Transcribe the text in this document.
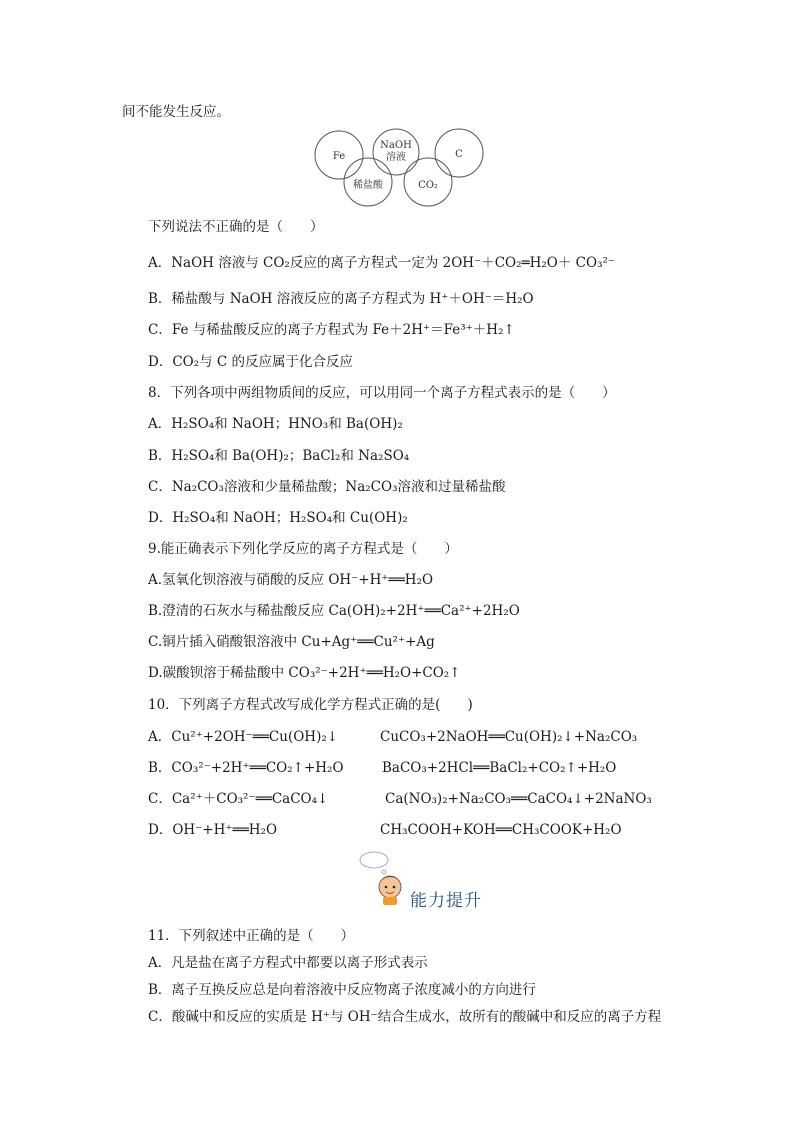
间不能发生反应。
Fe
NaOH
溶液	C
稀盐酸	CO₂
下列说法不正确的是（　　）
A．NaOH 溶液与 CO₂反应的离子方程式一定为 2OH⁻＋CO₂═H₂O＋ CO₃²⁻
B．稀盐酸与 NaOH 溶液反应的离子方程式为 H⁺＋OH⁻＝H₂O
C．Fe 与稀盐酸反应的离子方程式为 Fe＋2H⁺＝Fe³⁺＋H₂↑
D．CO₂与 C 的反应属于化合反应
8．下列各项中两组物质间的反应，可以用同一个离子方程式表示的是（　　）
A．H₂SO₄和 NaOH；HNO₃和 Ba(OH)₂
B．H₂SO₄和 Ba(OH)₂；BaCl₂和 Na₂SO₄
C．Na₂CO₃溶液和少量稀盐酸；Na₂CO₃溶液和过量稀盐酸
D．H₂SO₄和 NaOH；H₂SO₄和 Cu(OH)₂
9.能正确表示下列化学反应的离子方程式是（　　）
A.氢氧化钡溶液与硝酸的反应 OH⁻+H⁺══H₂O
B.澄清的石灰水与稀盐酸反应 Ca(OH)₂+2H⁺══Ca²⁺+2H₂O
C.铜片插入硝酸银溶液中 Cu+Ag⁺══Cu²⁺+Ag
D.碳酸钡溶于稀盐酸中 CO₃²⁻+2H⁺══H₂O+CO₂↑
10．下列离子方程式改写成化学方程式正确的是(　　)
A．Cu²⁺+2OH⁻══Cu(OH)₂↓	CuCO₃+2NaOH══Cu(OH)₂↓+Na₂CO₃
B．CO₃²⁻+2H⁺══CO₂↑+H₂O	BaCO₃+2HCl══BaCl₂+CO₂↑+H₂O
C．Ca²⁺＋CO₃²⁻══CaCO₄↓	Ca(NO₃)₂+Na₂CO₃══CaCO₄↓+2NaNO₃
D．OH⁻+H⁺══H₂O	CH₃COOH+KOH══CH₃COOK+H₂O
能力提升
11．下列叙述中正确的是（　　）
A．凡是盐在离子方程式中都要以离子形式表示
B．离子互换反应总是向着溶液中反应物离子浓度减小的方向进行
C．酸碱中和反应的实质是 H⁺与 OH⁻结合生成水，故所有的酸碱中和反应的离子方程
